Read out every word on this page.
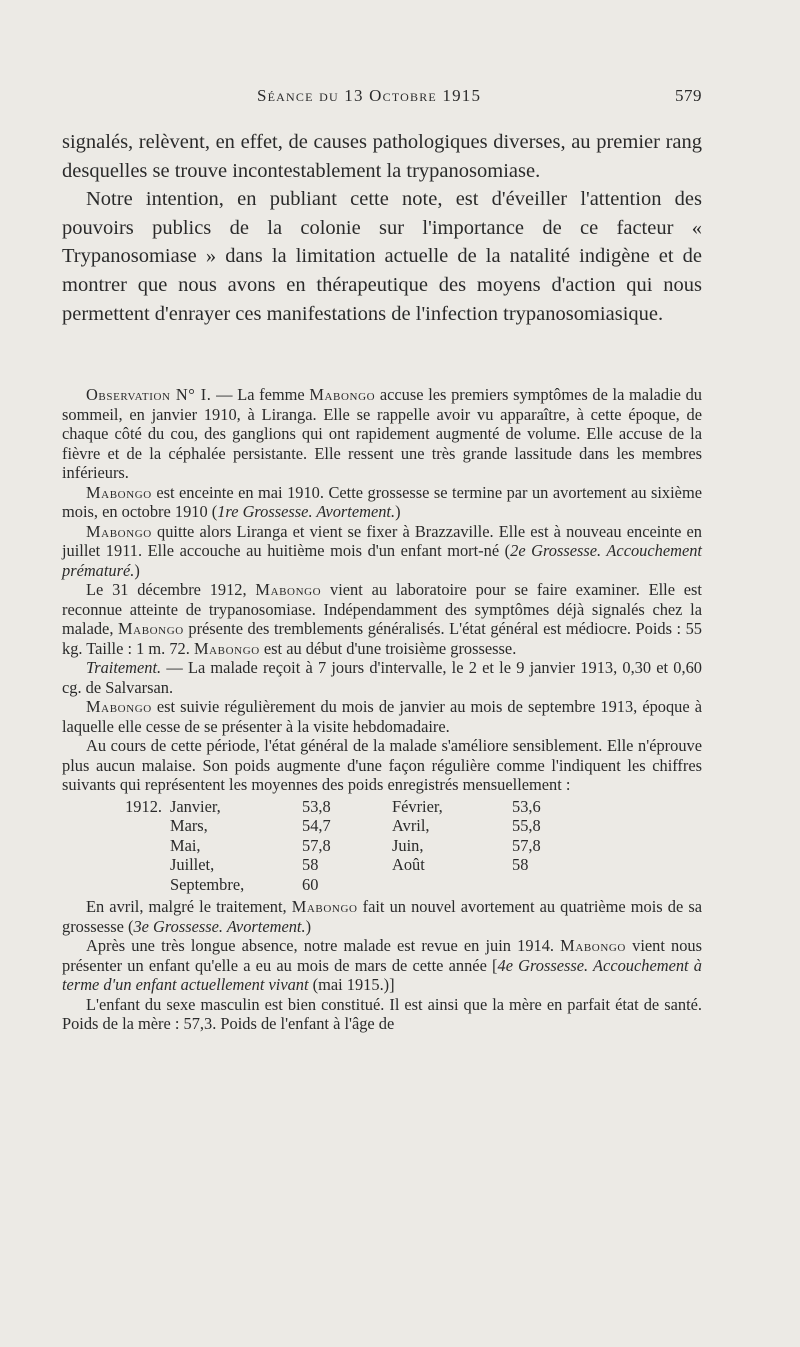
Séance du 13 Octobre 1915	579

signalés, relèvent, en effet, de causes pathologiques diverses, au premier rang desquelles se trouve incontestablement la trypanosomiase.

Notre intention, en publiant cette note, est d'éveiller l'attention des pouvoirs publics de la colonie sur l'importance de ce facteur « Trypanosomiase » dans la limitation actuelle de la natalité indigène et de montrer que nous avons en thérapeutique des moyens d'action qui nous permettent d'enrayer ces manifestations de l'infection trypanosomiasique.

Observation N° I. — La femme Mabongo accuse les premiers symptômes de la maladie du sommeil, en janvier 1910, à Liranga. Elle se rappelle avoir vu apparaître, à cette époque, de chaque côté du cou, des ganglions qui ont rapidement augmenté de volume. Elle accuse de la fièvre et de la céphalée persistante. Elle ressent une très grande lassitude dans les membres inférieurs.

Mabongo est enceinte en mai 1910. Cette grossesse se termine par un avortement au sixième mois, en octobre 1910 (1re Grossesse. Avortement.)

Mabongo quitte alors Liranga et vient se fixer à Brazzaville. Elle est à nouveau enceinte en juillet 1911. Elle accouche au huitième mois d'un enfant mort-né (2e Grossesse. Accouchement prématuré.)

Le 31 décembre 1912, Mabongo vient au laboratoire pour se faire examiner. Elle est reconnue atteinte de trypanosomiase. Indépendamment des symptômes déjà signalés chez la malade, Mabongo présente des tremblements généralisés. L'état général est médiocre. Poids : 55 kg. Taille : 1 m. 72. Mabongo est au début d'une troisième grossesse.

Traitement. — La malade reçoit à 7 jours d'intervalle, le 2 et le 9 janvier 1913, 0,30 et 0,60 cg. de Salvarsan.

Mabongo est suivie régulièrement du mois de janvier au mois de septembre 1913, époque à laquelle elle cesse de se présenter à la visite hebdomadaire.

Au cours de cette période, l'état général de la malade s'améliore sensiblement. Elle n'éprouve plus aucun malaise. Son poids augmente d'une façon régulière comme l'indiquent les chiffres suivants qui représentent les moyennes des poids enregistrés mensuellement :

1912.	Janvier,	53,8	Février,	53,6
	Mars,	54,7	Avril,	55,8
	Mai,	57,8	Juin,	57,8
	Juillet,	58	Août	58
	Septembre,	60		

En avril, malgré le traitement, Mabongo fait un nouvel avortement au quatrième mois de sa grossesse (3e Grossesse. Avortement.)

Après une très longue absence, notre malade est revue en juin 1914. Mabongo vient nous présenter un enfant qu'elle a eu au mois de mars de cette année [4e Grossesse. Accouchement à terme d'un enfant actuellement vivant (mai 1915.)]

L'enfant du sexe masculin est bien constitué. Il est ainsi que la mère en parfait état de santé. Poids de la mère : 57,3. Poids de l'enfant à l'âge de
